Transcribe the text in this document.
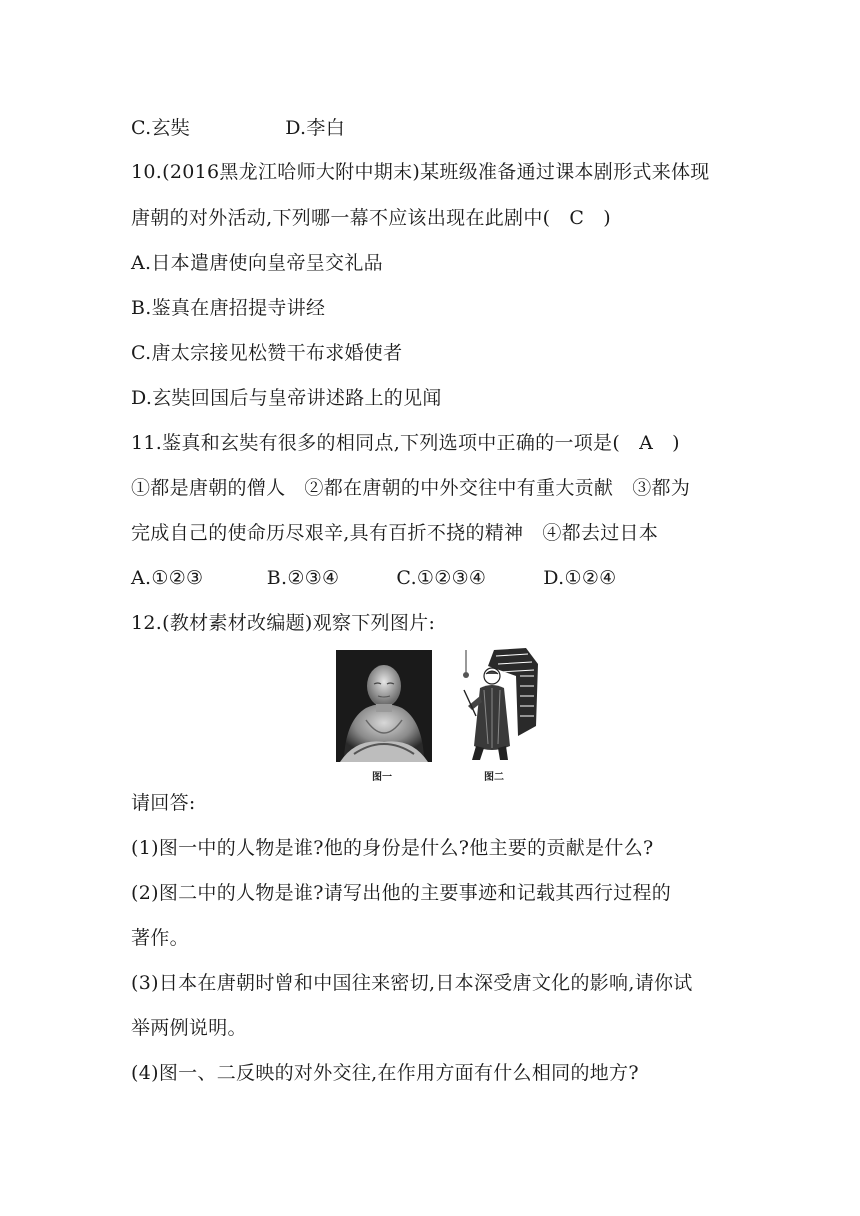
C.玄奘               D.李白
10.(2016黑龙江哈师大附中期末)某班级准备通过课本剧形式来体现
唐朝的对外活动,下列哪一幕不应该出现在此剧中(   C   )
A.日本遣唐使向皇帝呈交礼品
B.鉴真在唐招提寺讲经
C.唐太宗接见松赞干布求婚使者
D.玄奘回国后与皇帝讲述路上的见闻
11.鉴真和玄奘有很多的相同点,下列选项中正确的一项是(   A   )
①都是唐朝的僧人   ②都在唐朝的中外交往中有重大贡献   ③都为
完成自己的使命历尽艰辛,具有百折不挠的精神   ④都去过日本
A.①②③          B.②③④         C.①②③④         D.①②④
12.(教材素材改编题)观察下列图片:
图一	图二
请回答:
(1)图一中的人物是谁?他的身份是什么?他主要的贡献是什么?
(2)图二中的人物是谁?请写出他的主要事迹和记载其西行过程的
著作。
(3)日本在唐朝时曾和中国往来密切,日本深受唐文化的影响,请你试
举两例说明。
(4)图一、二反映的对外交往,在作用方面有什么相同的地方?
